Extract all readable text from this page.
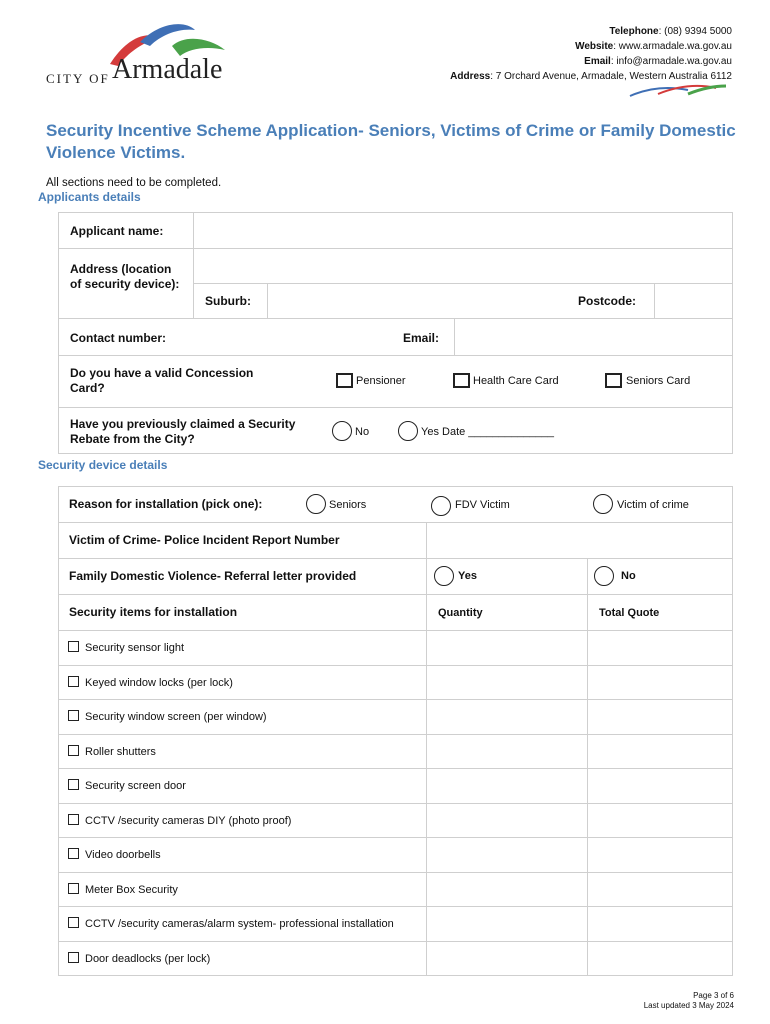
CITY OF Armadale
Telephone: (08) 9394 5000
Website: www.armadale.wa.gov.au
Email: info@armadale.wa.gov.au
Address: 7 Orchard Avenue, Armadale, Western Australia 6112
Security Incentive Scheme Application- Seniors, Victims of Crime or Family Domestic Violence Victims.
All sections need to be completed.
Applicants details
Applicant name:
Address (location of security device):
Suburb:	Postcode:
Contact number:	Email:
Do you have a valid Concession Card?	Pensioner	Health Care Card	Seniors Card
Have you previously claimed a Security Rebate from the City?	No	Yes Date ______________
Security device details
Reason for installation (pick one):	Seniors	FDV Victim	Victim of crime
Victim of Crime- Police Incident Report Number
Family Domestic Violence- Referral letter provided	Yes	No
Security items for installation	Quantity	Total Quote
Security sensor light
Keyed window locks (per lock)
Security window screen (per window)
Roller shutters
Security screen door
CCTV /security cameras DIY (photo proof)
Video doorbells
Meter Box Security
CCTV /security cameras/alarm system- professional installation
Door deadlocks (per lock)
Page 3 of 6
Last updated 3 May 2024
